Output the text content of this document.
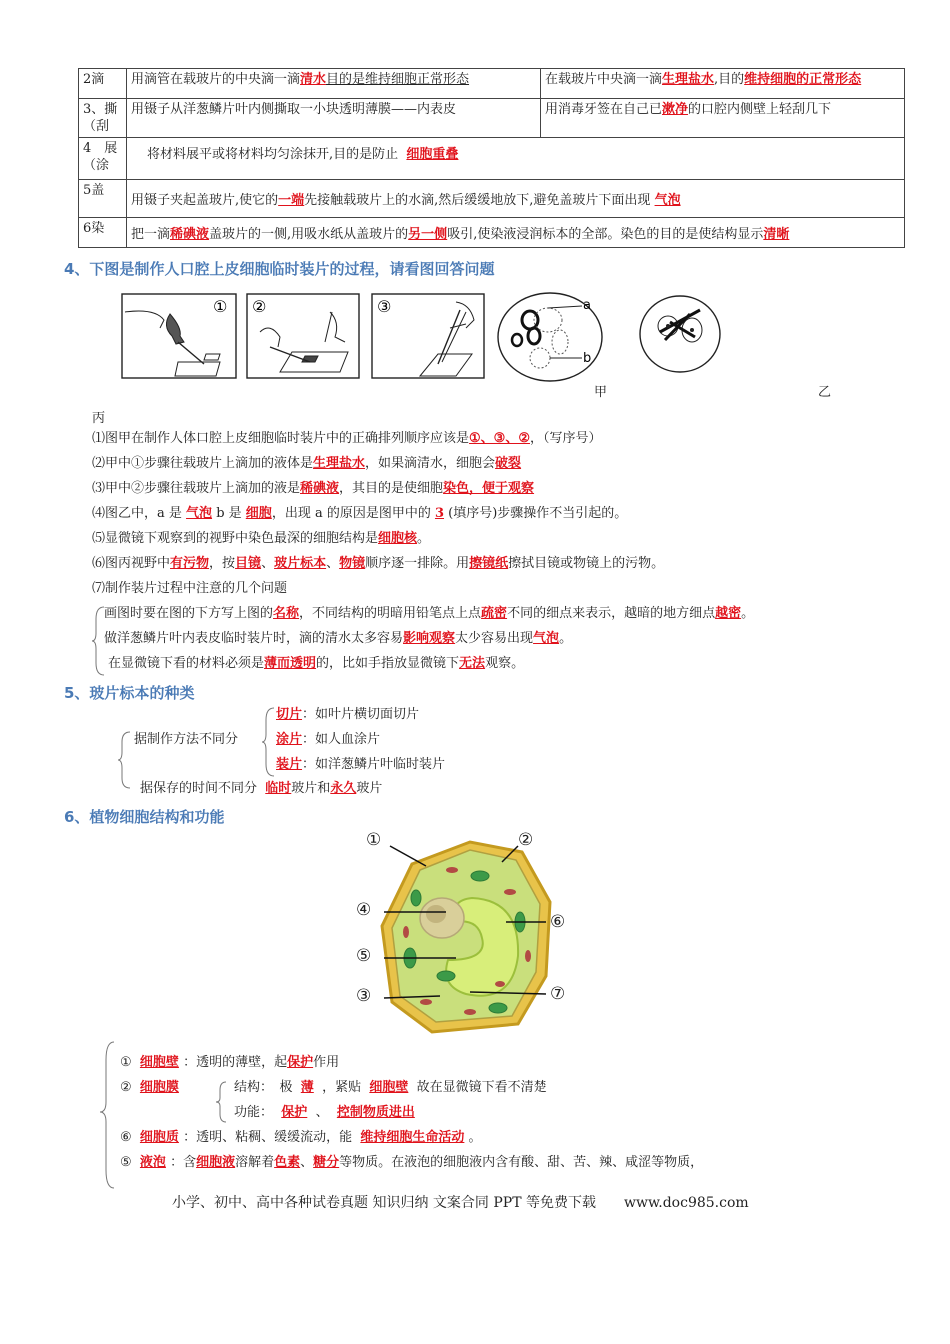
2滴	用滴管在载玻片的中央滴一滴清水目的是维持细胞正常形态	在载玻片中央滴一滴生理盐水,目的维持细胞的正常形态
3、撕（刮	用镊子从洋葱鳞片叶内侧撕取一小块透明薄膜——内表皮	用消毒牙签在自己已漱净的口腔内侧壁上轻刮几下
4　展（涂	将材料展平或将材料均匀涂抹开,目的是防止 细胞重叠	
5盖	用镊子夹起盖玻片,使它的一端先接触载玻片上的水滴,然后缓缓地放下,避免盖玻片下面出现 气泡	
6染	把一滴稀碘液盖玻片的一侧,用吸水纸从盖玻片的另一侧吸引,使染液浸润标本的全部。染色的目的是使结构显示清晰	
4、下图是制作人口腔上皮细胞临时装片的过程，请看图回答问题
① ②	③	a
b
甲	乙
丙
⑴图甲在制作人体口腔上皮细胞临时装片中的正确排列顺序应该是①、③、②，（写序号）
⑵甲中①步骤往载玻片上滴加的液体是生理盐水，如果滴清水，细胞会破裂
⑶甲中②步骤往载玻片上滴加的液是稀碘液，其目的是使细胞染色，便于观察
⑷图乙中，a 是 气泡 b 是 细胞，出现 a 的原因是图甲中的 3 (填序号)步骤操作不当引起的。
⑸显微镜下观察到的视野中染色最深的细胞结构是细胞核。
⑹图丙视野中有污物，按目镜、玻片标本、物镜顺序逐一排除。用擦镜纸擦拭目镜或物镜上的污物。
⑺制作装片过程中注意的几个问题
画图时要在图的下方写上图的名称，不同结构的明暗用铅笔点上点疏密不同的细点来表示，越暗的地方细点越密。
做洋葱鳞片叶内表皮临时装片时，滴的清水太多容易影响观察太少容易出现气泡。
在显微镜下看的材料必须是薄而透明的，比如手指放显微镜下无法观察。
5、玻片标本的种类
据制作方法不同分
切片：如叶片横切面切片
涂片：如人血涂片
装片：如洋葱鳞片叶临时装片
据保存的时间不同分 临时玻片和永久玻片
6、植物细胞结构和功能
①	②
③
④
⑤
⑥
⑦
① 细胞壁 ：透明的薄壁，起保护作用
② 细胞膜	结构：　极 薄 ，紧贴 细胞壁 故在显微镜下看不清楚
功能： 保护 、 控制物质进出
⑥ 细胞质 ：透明、粘稠、缓缓流动，能 维持细胞生命活动 。
⑤ 液泡 ：含细胞液溶解着色素、糖分等物质。在液泡的细胞液内含有酸、甜、苦、辣、咸涩等物质，
小学、初中、高中各种试卷真题 知识归纳 文案合同 PPT 等免费下载　　www.doc985.com
